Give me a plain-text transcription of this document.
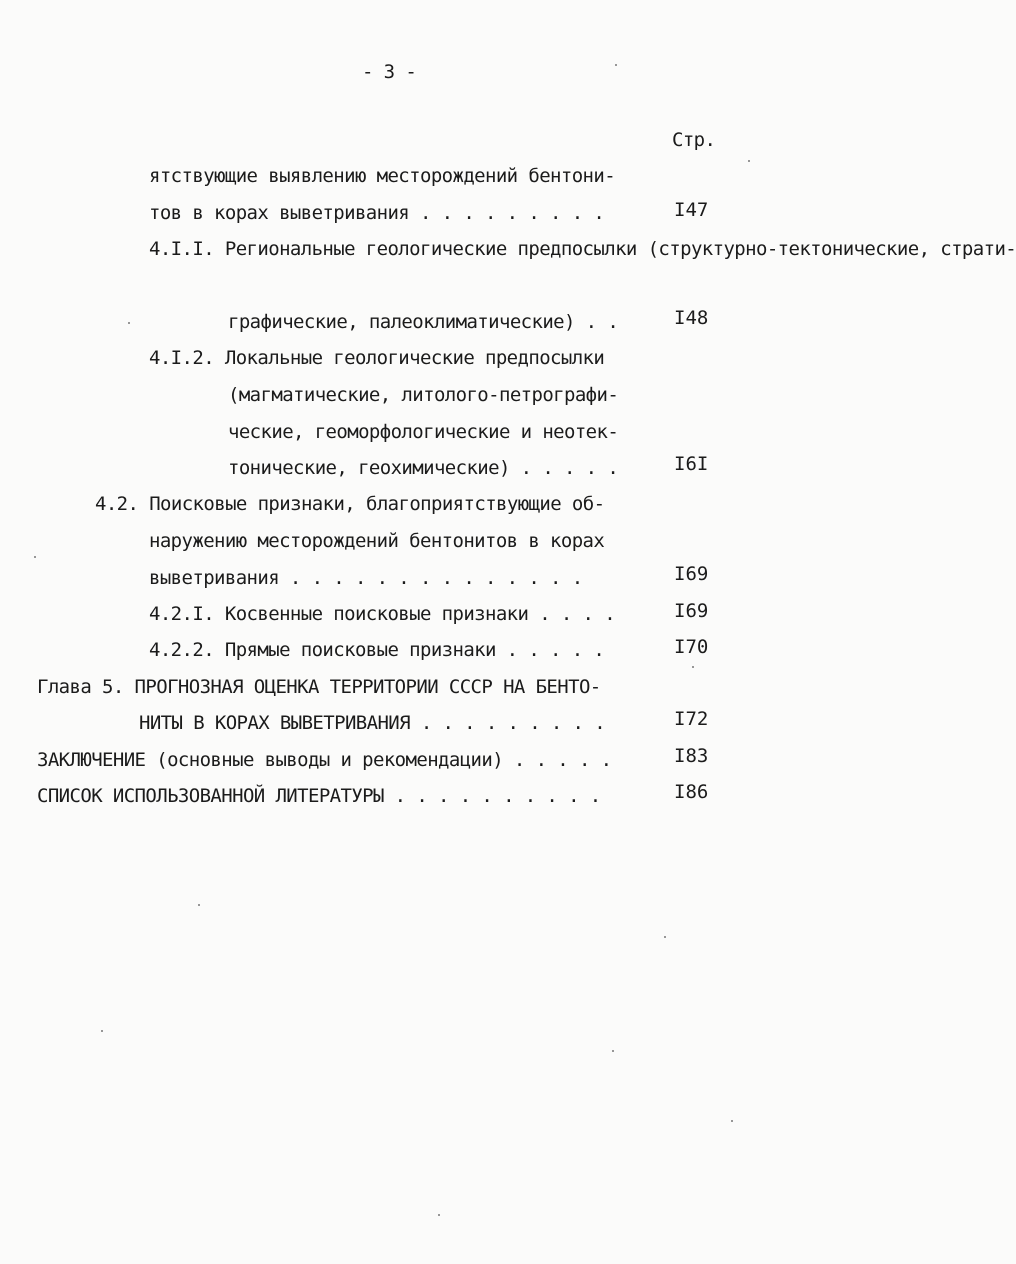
- 3 -
Стр.
ятствующие выявлению месторождений бентони-
тов в корах выветривания . . . . . . . . .	I47
4.I.I. Региональные геологические предпосылки (структурно-тектонические, страти-
графические, палеоклиматические) . .	I48
4.I.2. Локальные геологические предпосылки
(магматические, литолого-петрографи-
ческие, геоморфологические и неотек-
тонические, геохимические) . . . . .	I6I
4.2. Поисковые признаки, благоприятствующие об-
наружению месторождений бентонитов в корах
выветривания . . . . . . . . . . . . . .	I69
4.2.I. Косвенные поисковые признаки . . . .	I69
4.2.2. Прямые поисковые признаки . . . . .	I70
Глава 5. ПРОГНОЗНАЯ ОЦЕНКА ТЕРРИТОРИИ СССР НА БЕНТО-
НИТЫ В КОРАХ ВЫВЕТРИВАНИЯ . . . . . . . . .	I72
ЗАКЛЮЧЕНИЕ (основные выводы и рекомендации) . . . . .	I83
СПИСОК ИСПОЛЬЗОВАННОЙ ЛИТЕРАТУРЫ . . . . . . . . . .	I86
